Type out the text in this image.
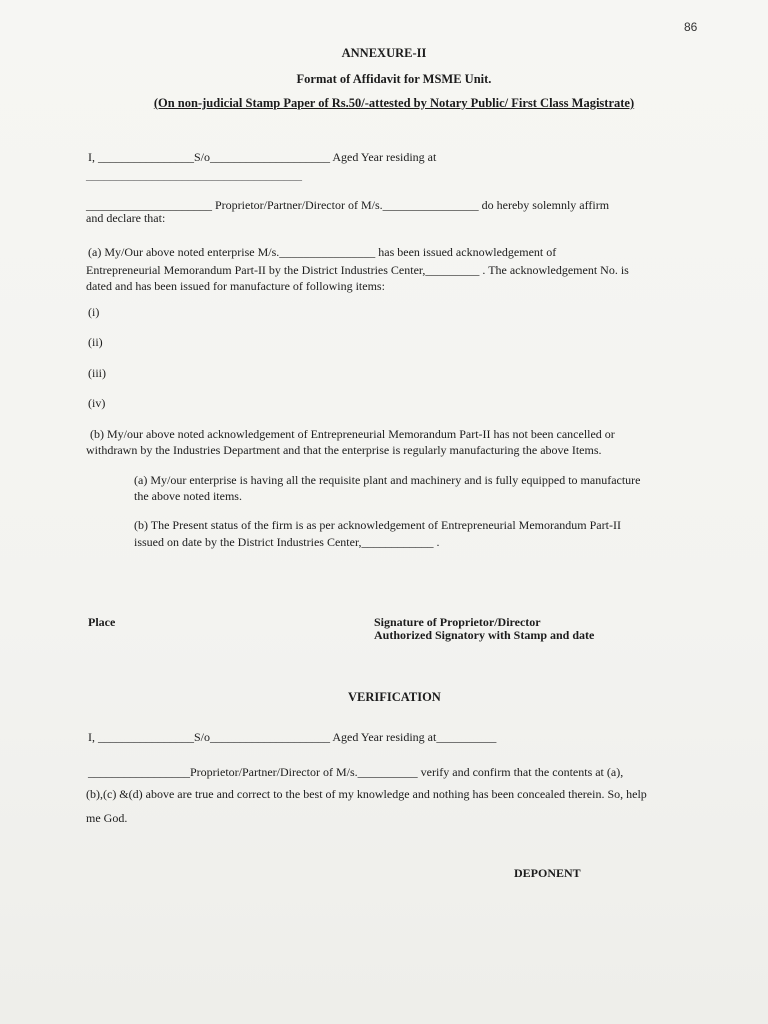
86
ANNEXURE-II
Format of Affidavit for MSME Unit.
(On non-judicial Stamp Paper of Rs.50/-attested by Notary Public/ First Class Magistrate)
I, ________________S/o____________________ Aged Year residing at
____________________________________
_____________________ Proprietor/Partner/Director of M/s.________________ do hereby solemnly affirm
and declare that:
(a) My/Our above noted enterprise M/s.________________ has been issued acknowledgement of
Entrepreneurial Memorandum Part-II by the District Industries Center,_________ . The acknowledgement No. is
dated and has been issued for manufacture of following items:
(i)
(ii)
(iii)
(iv)
(b) My/our above noted acknowledgement of Entrepreneurial Memorandum Part-II has not been cancelled or
withdrawn by the Industries Department and that the enterprise is regularly manufacturing the above Items.
(a) My/our enterprise is having all the requisite plant and machinery and is fully equipped to manufacture
the above noted items.
(b) The Present status of the firm is as per acknowledgement of Entrepreneurial Memorandum Part-II
issued on date by the District Industries Center,____________ .
Place	Signature of Proprietor/Director
Authorized Signatory with Stamp and date
VERIFICATION
I, ________________S/o____________________ Aged Year residing at__________
_________________Proprietor/Partner/Director of M/s.__________ verify and confirm that the contents at (a),
(b),(c) &(d) above are true and correct to the best of my knowledge and nothing has been concealed therein. So, help
me God.
DEPONENT
